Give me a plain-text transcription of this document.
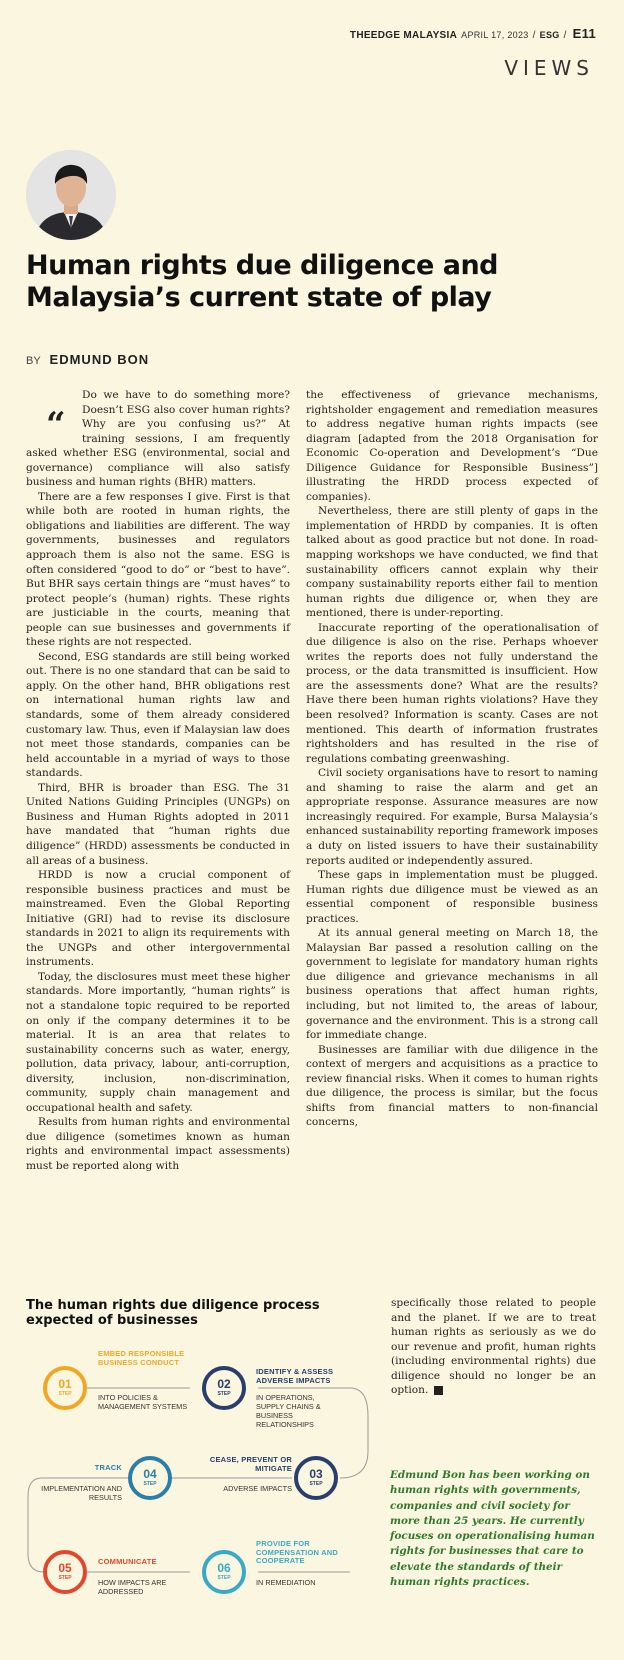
THEEDGE MALAYSIA APRIL 17, 2023 / ESG / E11
VIEWS
Human rights due diligence and Malaysia’s current state of play
BY EDMUND BON
“

Do we have to do something more? Doesn’t ESG also cover human rights? Why are you confusing us?” At training sessions, I am frequently asked whether ESG (environmental, social and governance) compliance will also satisfy business and human rights (BHR) matters.

There are a few responses I give. First is that while both are rooted in human rights, the obligations and liabilities are different. The way governments, businesses and regulators approach them is also not the same. ESG is often considered “good to do” or “best to have”. But BHR says certain things are “must haves” to protect people’s (human) rights. These rights are justiciable in the courts, meaning that people can sue businesses and governments if these rights are not respected.

Second, ESG standards are still being worked out. There is no one standard that can be said to apply. On the other hand, BHR obligations rest on international human rights law and standards, some of them already considered customary law. Thus, even if Malaysian law does not meet those standards, companies can be held accountable in a myriad of ways to those standards.

Third, BHR is broader than ESG. The 31 United Nations Guiding Principles (UNGPs) on Business and Human Rights adopted in 2011 have mandated that “human rights due diligence” (HRDD) assessments be conducted in all areas of a business.

HRDD is now a crucial component of responsible business practices and must be mainstreamed. Even the Global Reporting Initiative (GRI) had to revise its disclosure standards in 2021 to align its requirements with the UNGPs and other intergovernmental instruments.

Today, the disclosures must meet these higher standards. More importantly, “human rights” is not a standalone topic required to be reported on only if the company determines it to be material. It is an area that relates to sustainability concerns such as water, energy, pollution, data privacy, labour, anti-corruption, diversity, inclusion, non-discrimination, community, supply chain management and occupational health and safety.

Results from human rights and environmental due diligence (sometimes known as human rights and environmental impact assessments) must be reported along with

the effectiveness of grievance mechanisms, rightsholder engagement and remediation measures to address negative human rights impacts (see diagram [adapted from the 2018 Organisation for Economic Co-operation and Development’s “Due Diligence Guidance for Responsible Business”] illustrating the HRDD process expected of companies).

Nevertheless, there are still plenty of gaps in the implementation of HRDD by companies. It is often talked about as good practice but not done. In road-mapping workshops we have conducted, we find that sustainability officers cannot explain why their company sustainability reports either fail to mention human rights due diligence or, when they are mentioned, there is under-reporting.

Inaccurate reporting of the operationalisation of due diligence is also on the rise. Perhaps whoever writes the reports does not fully understand the process, or the data transmitted is insufficient. How are the assessments done? What are the results? Have there been human rights violations? Have they been resolved? Information is scanty. Cases are not mentioned. This dearth of information frustrates rightsholders and has resulted in the rise of regulations combating greenwashing.

Civil society organisations have to resort to naming and shaming to raise the alarm and get an appropriate response. Assurance measures are now increasingly required. For example, Bursa Malaysia’s enhanced sustainability reporting framework imposes a duty on listed issuers to have their sustainability reports audited or independently assured.

These gaps in implementation must be plugged. Human rights due diligence must be viewed as an essential component of responsible business practices.

At its annual general meeting on March 18, the Malaysian Bar passed a resolution calling on the government to legislate for mandatory human rights due diligence and grievance mechanisms in all business operations that affect human rights, including, but not limited to, the areas of labour, governance and the environment. This is a strong call for immediate change.

Businesses are familiar with due diligence in the context of mergers and acquisitions as a practice to review financial risks. When it comes to human rights due diligence, the process is similar, but the focus shifts from financial matters to non-financial concerns,

specifically those related to people and the planet. If we are to treat human rights as seriously as we do our revenue and profit, human rights (including environmental rights) due diligence should no longer be an option.

Edmund Bon has been working on human rights with governments, companies and civil society for more than 25 years. He currently focuses on operationalising human rights for businesses that care to elevate the standards of their human rights practices.
The human rights due diligence process expected of businesses
01
STEP
02
STEP
03
STEP
04
STEP
05
STEP
06
STEP
EMBED RESPONSIBLE BUSINESS CONDUCT
INTO POLICIES & MANAGEMENT SYSTEMS
IDENTIFY & ASSESS ADVERSE IMPACTS
IN OPERATIONS, SUPPLY CHAINS & BUSINESS RELATIONSHIPS
CEASE, PREVENT OR MITIGATE
ADVERSE IMPACTS
TRACK
IMPLEMENTATION AND RESULTS
COMMUNICATE
HOW IMPACTS ARE ADDRESSED
PROVIDE FOR COMPENSATION AND COOPERATE
IN REMEDIATION
